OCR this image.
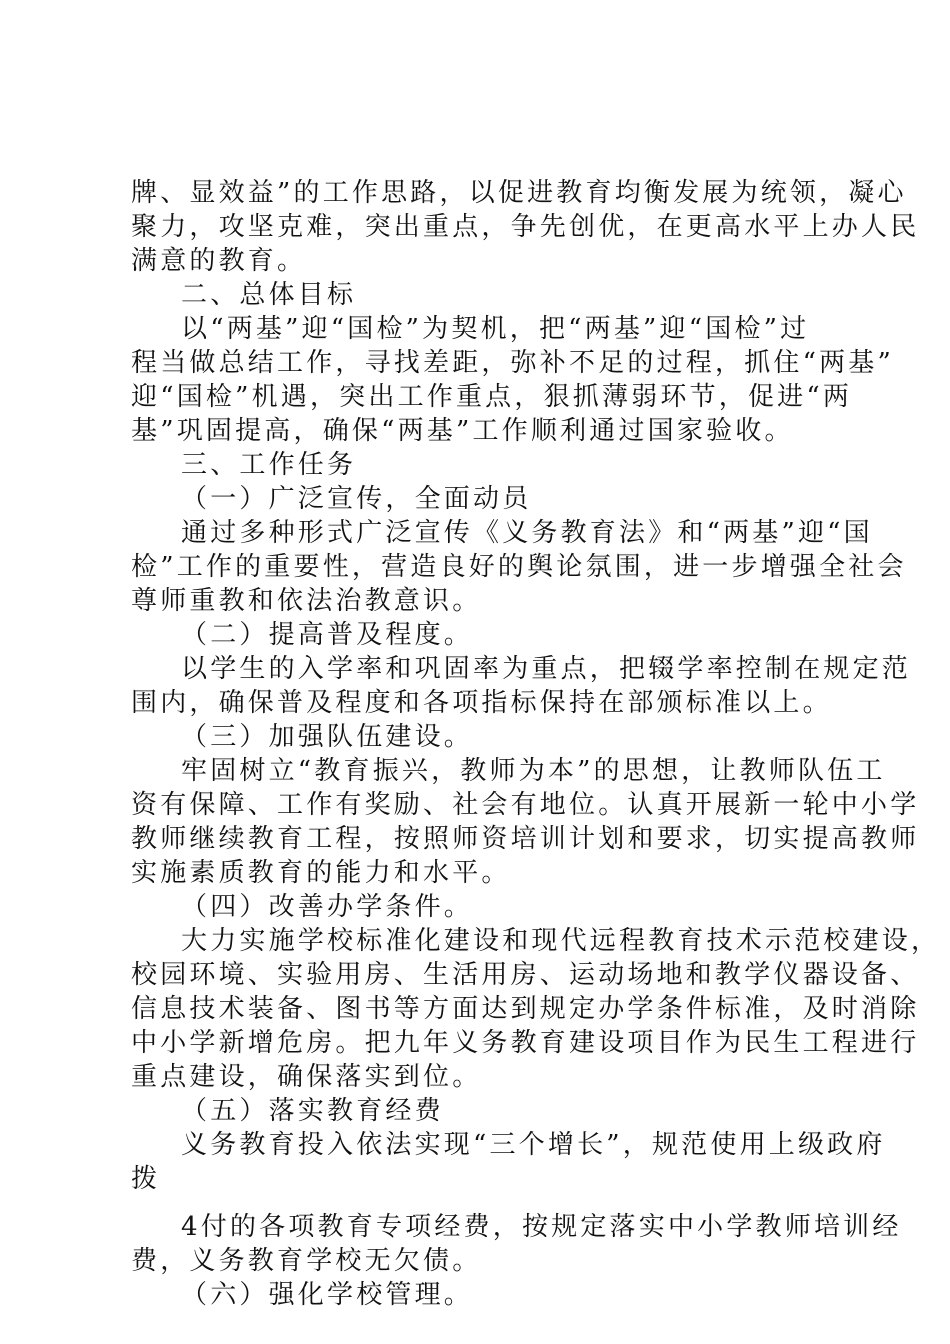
牌、显效益”的工作思路，以促进教育均衡发展为统领，凝心
聚力，攻坚克难，突出重点，争先创优，在更高水平上办人民
满意的教育。
二、总体目标
以“两基”迎“国检”为契机，把“两基”迎“国检”过
程当做总结工作，寻找差距，弥补不足的过程，抓住“两基”
迎“国检”机遇，突出工作重点，狠抓薄弱环节，促进“两
基”巩固提高，确保“两基”工作顺利通过国家验收。
三、工作任务
（一）广泛宣传，全面动员
通过多种形式广泛宣传《义务教育法》和“两基”迎“国
检”工作的重要性，营造良好的舆论氛围，进一步增强全社会
尊师重教和依法治教意识。
（二）提高普及程度。
以学生的入学率和巩固率为重点，把辍学率控制在规定范
围内，确保普及程度和各项指标保持在部颁标准以上。
（三）加强队伍建设。
牢固树立“教育振兴，教师为本”的思想，让教师队伍工
资有保障、工作有奖励、社会有地位。认真开展新一轮中小学
教师继续教育工程，按照师资培训计划和要求，切实提高教师
实施素质教育的能力和水平。
（四）改善办学条件。
大力实施学校标准化建设和现代远程教育技术示范校建设，
校园环境、实验用房、生活用房、运动场地和教学仪器设备、
信息技术装备、图书等方面达到规定办学条件标准，及时消除
中小学新增危房。把九年义务教育建设项目作为民生工程进行
重点建设，确保落实到位。
（五）落实教育经费
义务教育投入依法实现“三个增长”，规范使用上级政府
拨
4付的各项教育专项经费，按规定落实中小学教师培训经
费，义务教育学校无欠债。
（六）强化学校管理。
